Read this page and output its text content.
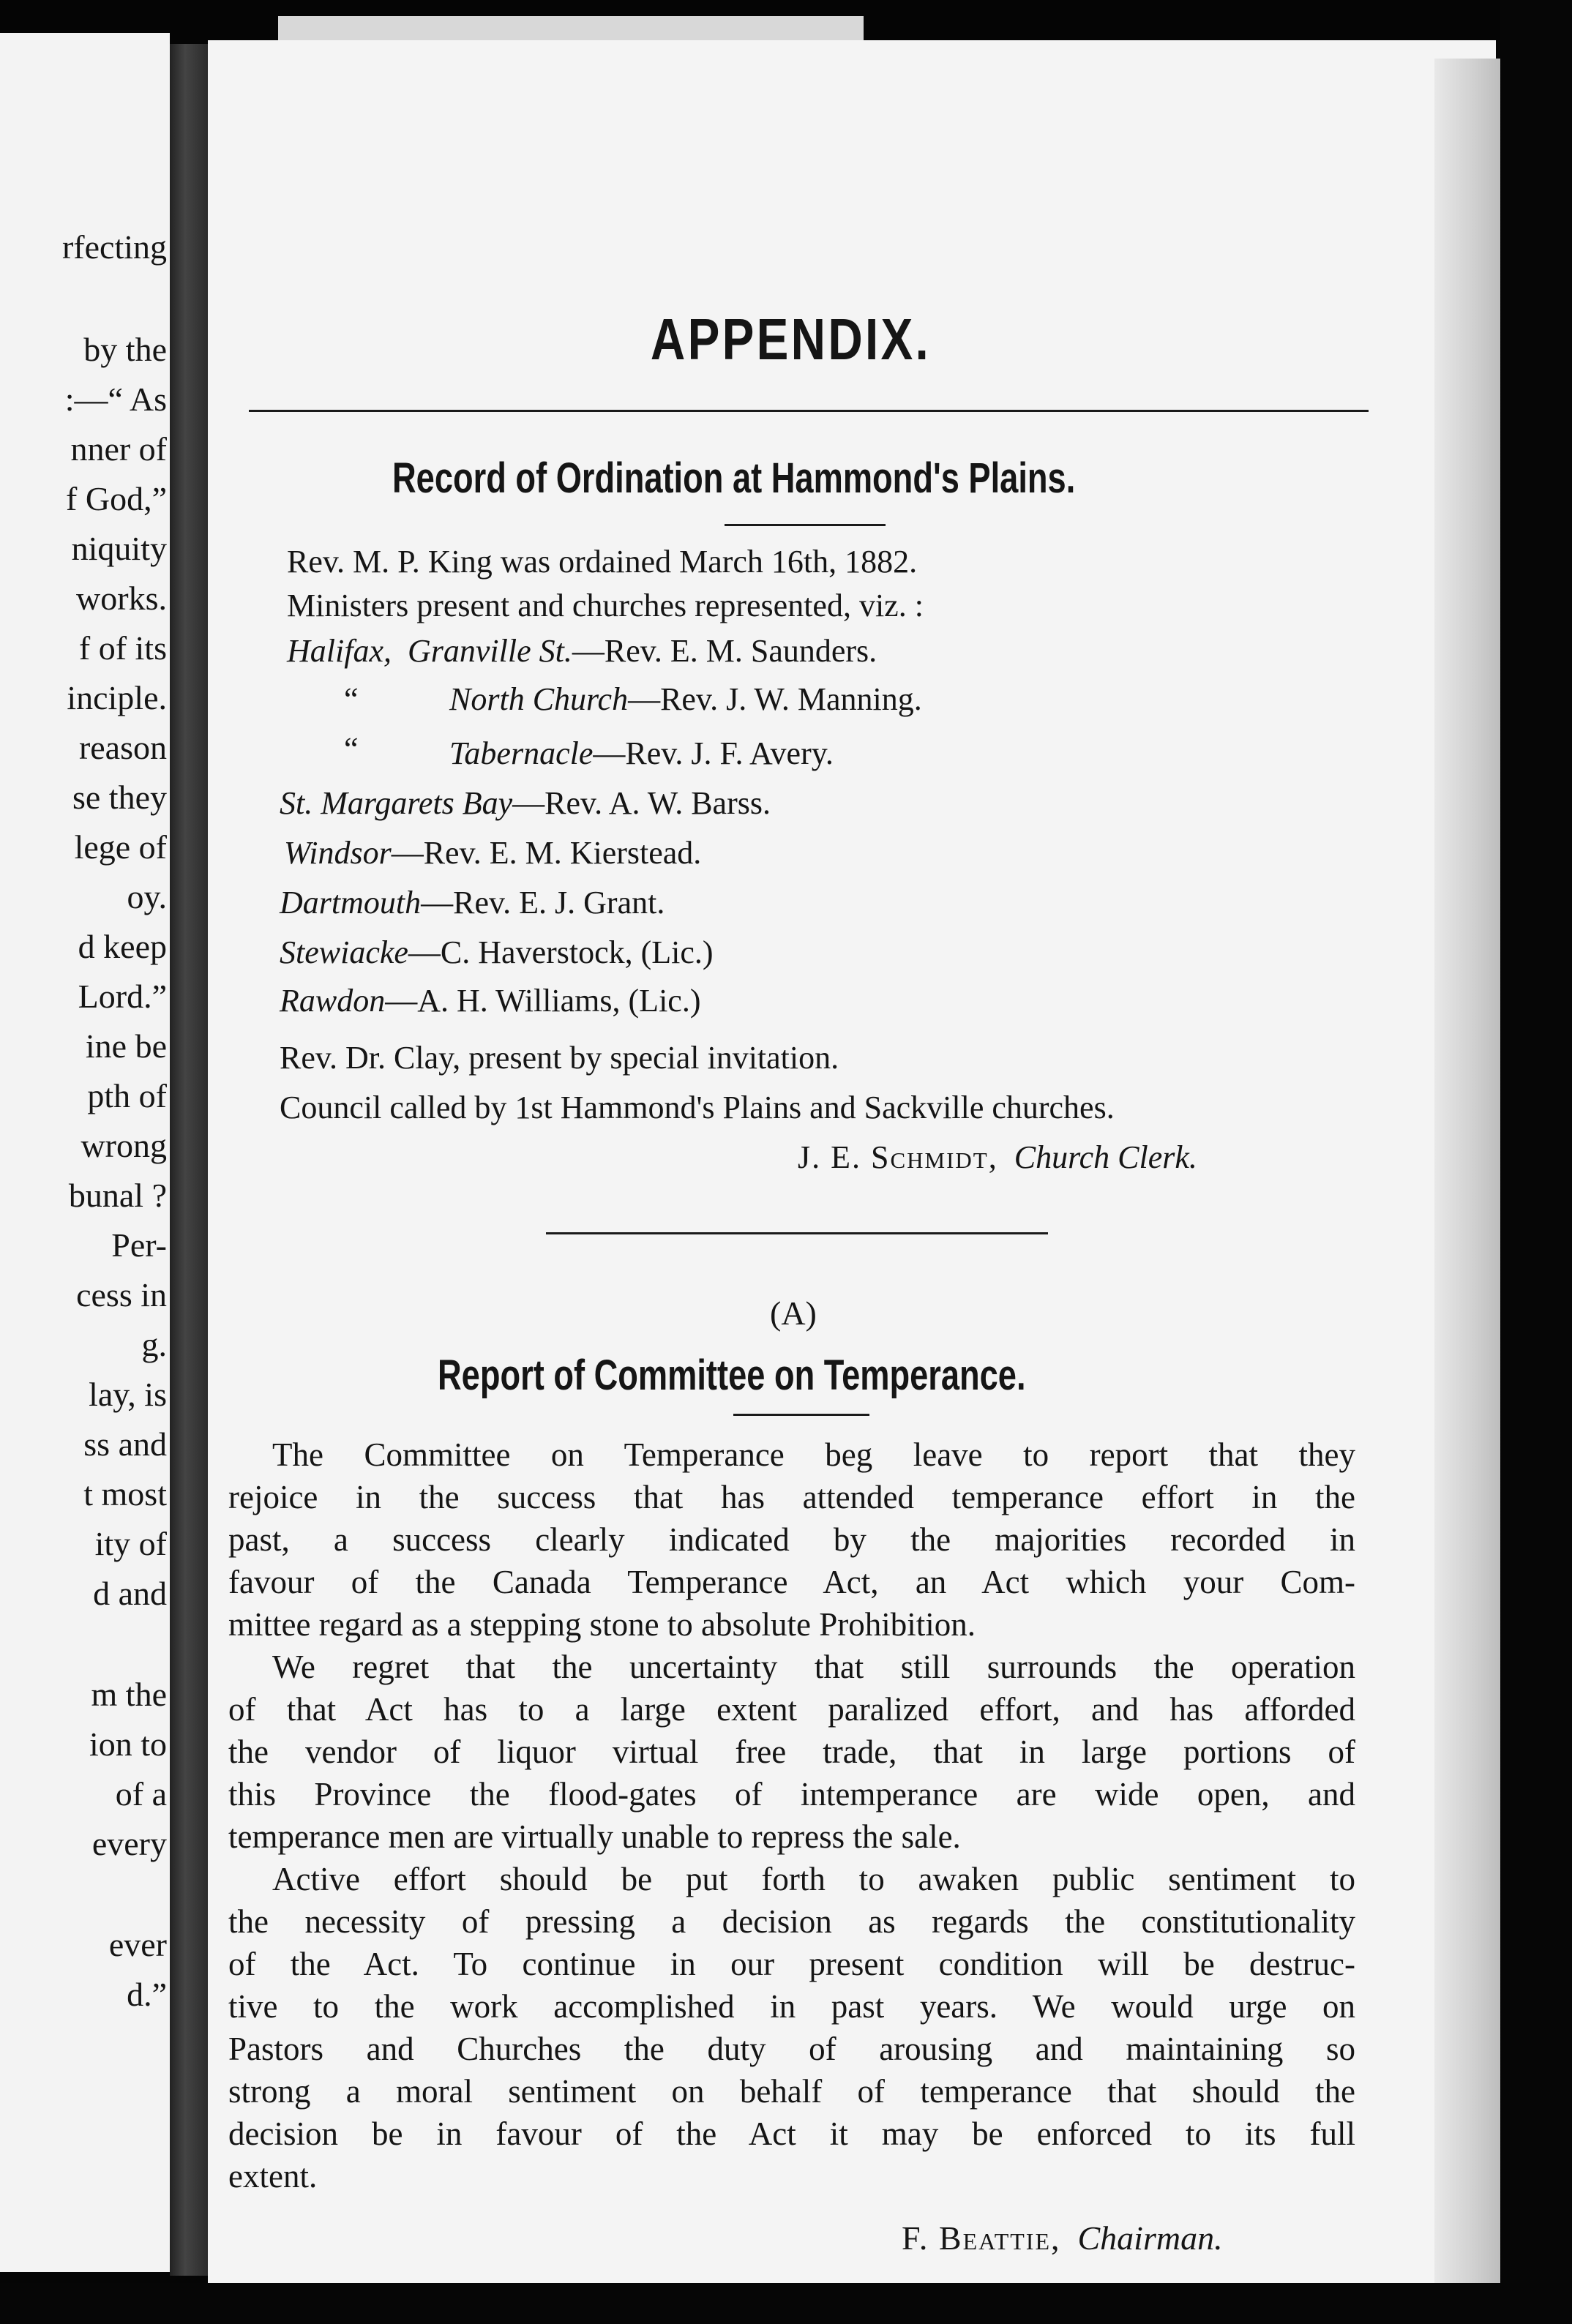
rfecting
by the
:—“ As
nner of
f God,”
niquity
works.
f of its
inciple.
reason
se they
lege of
oy.
d keep
Lord.”
ine be
pth of
wrong
bunal ?
Per-
cess in
g.
lay, is
ss and
t most
ity of
d and
m the
ion to
of a
every
ever
d.”
APPENDIX.
Record of Ordination at Hammond's Plains.
Rev. M. P. King was ordained March 16th, 1882.
Ministers present and churches represented, viz. :
Halifax, Granville St.—Rev. E. M. Saunders.
“	North Church—Rev. J. W. Manning.
“	Tabernacle—Rev. J. F. Avery.
St. Margarets Bay—Rev. A. W. Barss.
Windsor—Rev. E. M. Kierstead.
Dartmouth—Rev. E. J. Grant.
Stewiacke—C. Haverstock, (Lic.)
Rawdon—A. H. Williams, (Lic.)
Rev. Dr. Clay, present by special invitation.
Council called by 1st Hammond's Plains and Sackville churches.
J. E. Schmidt, Church Clerk.
(A)
Report of Committee on Temperance.
The Committee on Temperance beg leave to report that they
rejoice in the success that has attended temperance effort in the
past, a success clearly indicated by the majorities recorded in
favour of the Canada Temperance Act, an Act which your Com-
mittee regard as a stepping stone to absolute Prohibition.
We regret that the uncertainty that still surrounds the operation
of that Act has to a large extent paralized effort, and has afforded
the vendor of liquor virtual free trade, that in large portions of
this Province the flood-gates of intemperance are wide open, and
temperance men are virtually unable to repress the sale.
Active effort should be put forth to awaken public sentiment to
the necessity of pressing a decision as regards the constitutionality
of the Act. To continue in our present condition will be destruc-
tive to the work accomplished in past years. We would urge on
Pastors and Churches the duty of arousing and maintaining so
strong a moral sentiment on behalf of temperance that should the
decision be in favour of the Act it may be enforced to its full
extent.
F. Beattie, Chairman.
